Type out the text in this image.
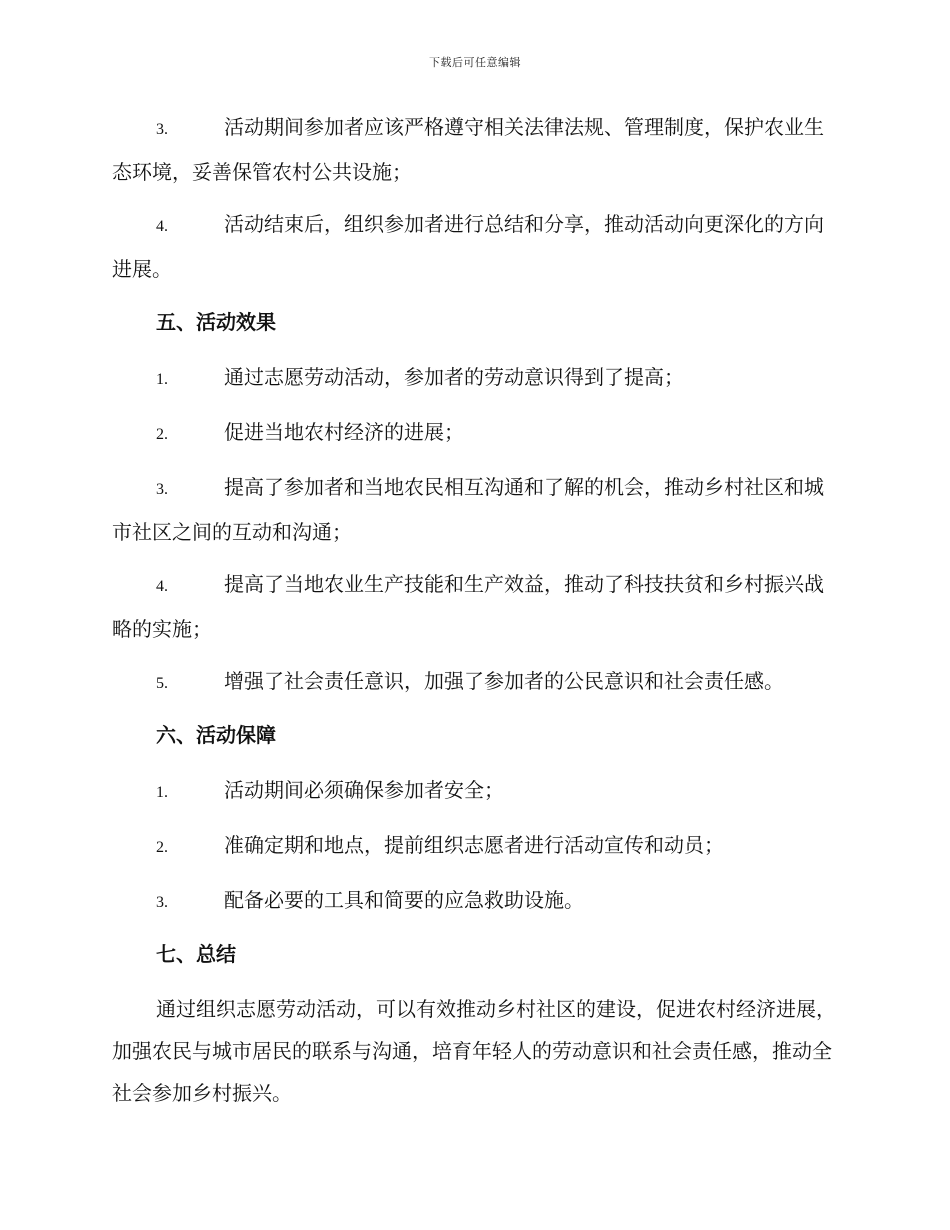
下载后可任意编辑
3.	活动期间参加者应该严格遵守相关法律法规、管理制度，保护农业生态环境，妥善保管农村公共设施；
4.	活动结束后，组织参加者进行总结和分享，推动活动向更深化的方向进展。
五、活动效果
1.	通过志愿劳动活动，参加者的劳动意识得到了提高；
2.	促进当地农村经济的进展；
3.	提高了参加者和当地农民相互沟通和了解的机会，推动乡村社区和城市社区之间的互动和沟通；
4.	提高了当地农业生产技能和生产效益，推动了科技扶贫和乡村振兴战略的实施；
5.	增强了社会责任意识，加强了参加者的公民意识和社会责任感。
六、活动保障
1.	活动期间必须确保参加者安全；
2.	准确定期和地点，提前组织志愿者进行活动宣传和动员；
3.	配备必要的工具和简要的应急救助设施。
七、总结
通过组织志愿劳动活动，可以有效推动乡村社区的建设，促进农村经济进展，加强农民与城市居民的联系与沟通，培育年轻人的劳动意识和社会责任感，推动全社会参加乡村振兴。
